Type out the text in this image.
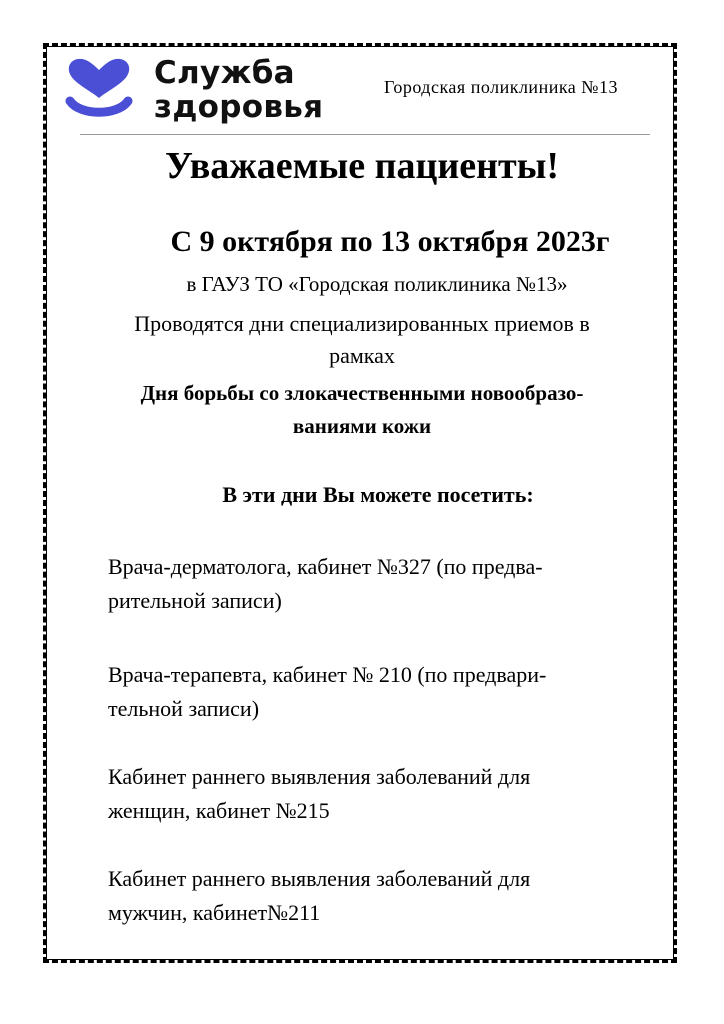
Служба
здоровья
Городская поликлиника №13
Уважаемые пациенты!
С 9 октября по 13 октября 2023г
в ГАУЗ ТО «Городская поликлиника №13»
Проводятся дни специализированных приемов в
рамках
Дня борьбы со злокачественными новообразо-
ваниями кожи
В эти дни Вы можете посетить:
Врача-дерматолога, кабинет №327 (по предва-
рительной записи)
Врача-терапевта, кабинет № 210 (по предвари-
тельной записи)
Кабинет раннего выявления заболеваний для
женщин, кабинет №215
Кабинет раннего выявления заболеваний для
мужчин, кабинет№211
